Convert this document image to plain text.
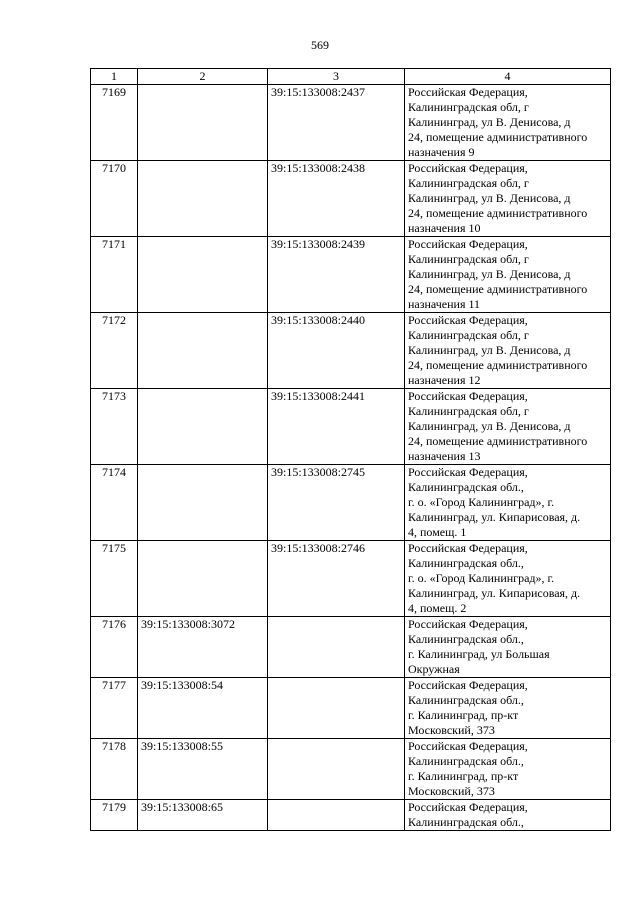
569
1	2	3	4
7169		39:15:133008:2437	Российская Федерация,
Калининградская обл, г
Калининград, ул В. Денисова, д
24, помещение административного
назначения 9

7170		39:15:133008:2438	Российская Федерация,
Калининградская обл, г
Калининград, ул В. Денисова, д
24, помещение административного
назначения 10

7171		39:15:133008:2439	Российская Федерация,
Калининградская обл, г
Калининград, ул В. Денисова, д
24, помещение административного
назначения 11

7172		39:15:133008:2440	Российская Федерация,
Калининградская обл, г
Калининград, ул В. Денисова, д
24, помещение административного
назначения 12

7173		39:15:133008:2441	Российская Федерация,
Калининградская обл, г
Калининград, ул В. Денисова, д
24, помещение административного
назначения 13

7174		39:15:133008:2745	Российская Федерация,
Калининградская обл.,
г. о. «Город Калининград», г.
Калининград, ул. Кипарисовая, д.
4, помещ. 1

7175		39:15:133008:2746	Российская Федерация,
Калининградская обл.,
г. о. «Город Калининград», г.
Калининград, ул. Кипарисовая, д.
4, помещ. 2

7176	39:15:133008:3072		Российская Федерация,
Калининградская обл.,
г. Калининград, ул Большая
Окружная

7177	39:15:133008:54		Российская Федерация,
Калининградская обл.,
г. Калининград, пр-кт
Московский, 373

7178	39:15:133008:55		Российская Федерация,
Калининградская обл.,
г. Калининград, пр-кт
Московский, 373

7179	39:15:133008:65		Российская Федерация,
Калининградская обл.,
